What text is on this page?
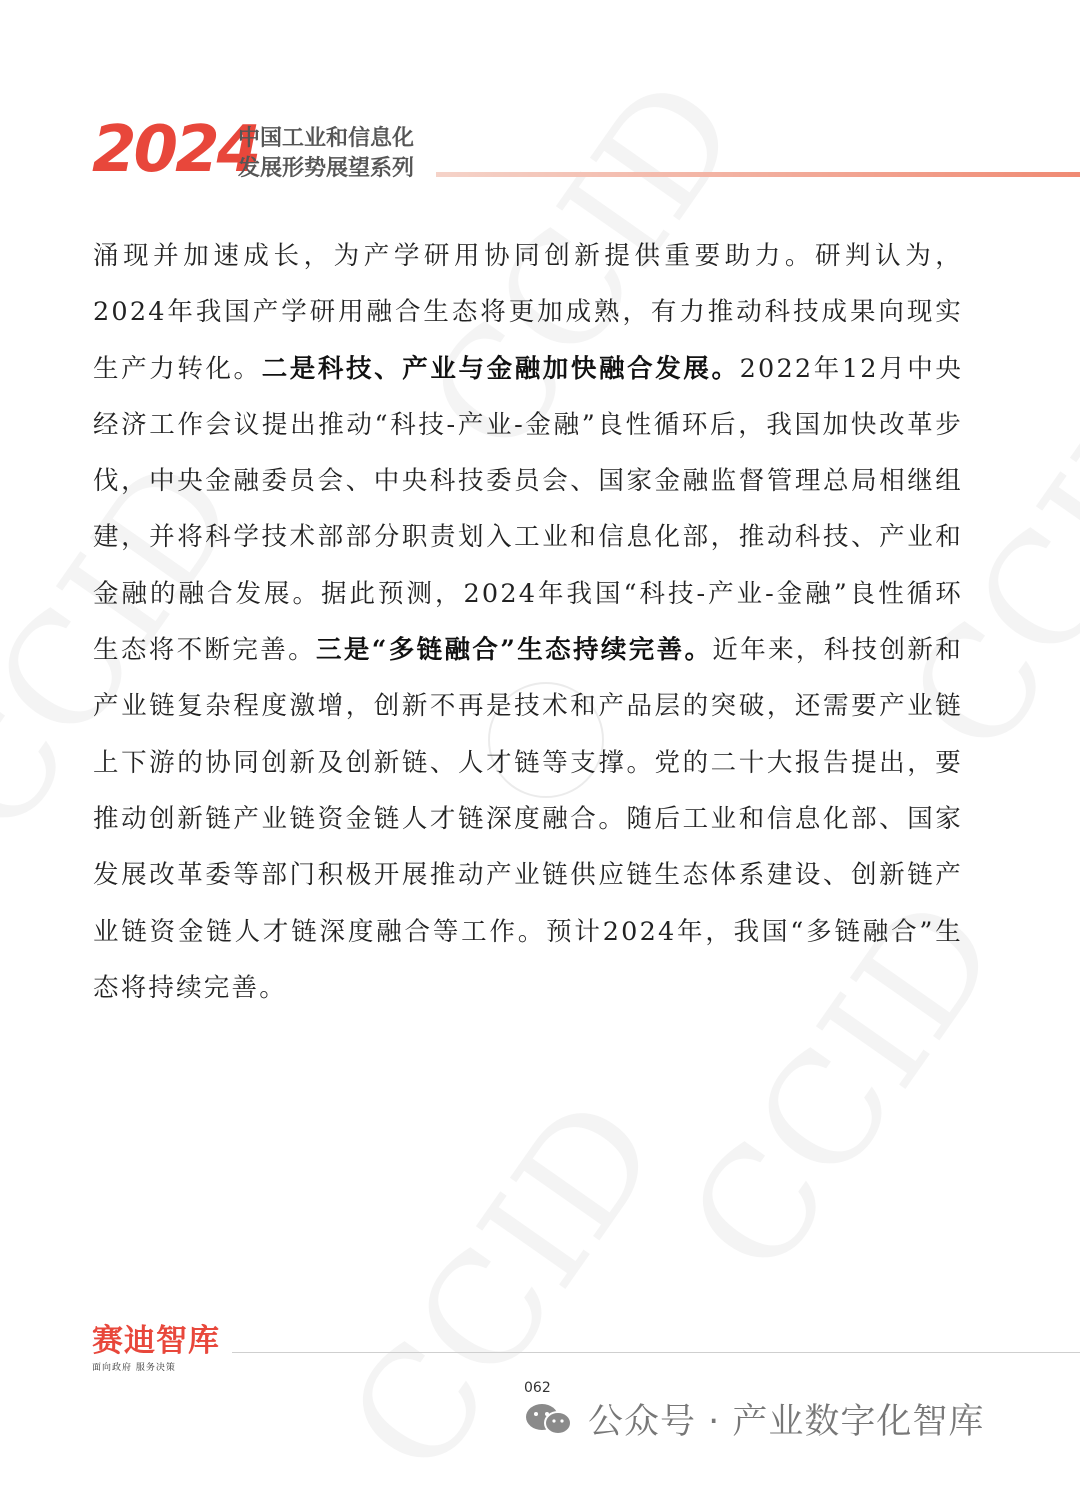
2024
中国工业和信息化
发展形势展望系列
涌现并加速成长，为产学研用协同创新提供重要助力。研判认为，2024年我国产学研用融合生态将更加成熟，有力推动科技成果向现实生产力转化。二是科技、产业与金融加快融合发展。2022年12月中央经济工作会议提出推动“科技-产业-金融”良性循环后，我国加快改革步伐，中央金融委员会、中央科技委员会、国家金融监督管理总局相继组建，并将科学技术部部分职责划入工业和信息化部，推动科技、产业和金融的融合发展。据此预测，2024年我国“科技-产业-金融”良性循环生态将不断完善。三是“多链融合”生态持续完善。近年来，科技创新和产业链复杂程度激增，创新不再是技术和产品层的突破，还需要产业链上下游的协同创新及创新链、人才链等支撑。党的二十大报告提出，要推动创新链产业链资金链人才链深度融合。随后工业和信息化部、国家发展改革委等部门积极开展推动产业链供应链生态体系建设、创新链产业链资金链人才链深度融合等工作。预计2024年，我国“多链融合”生态将持续完善。
赛迪智库
面向政府 服务决策
062
公众号 · 产业数字化智库
